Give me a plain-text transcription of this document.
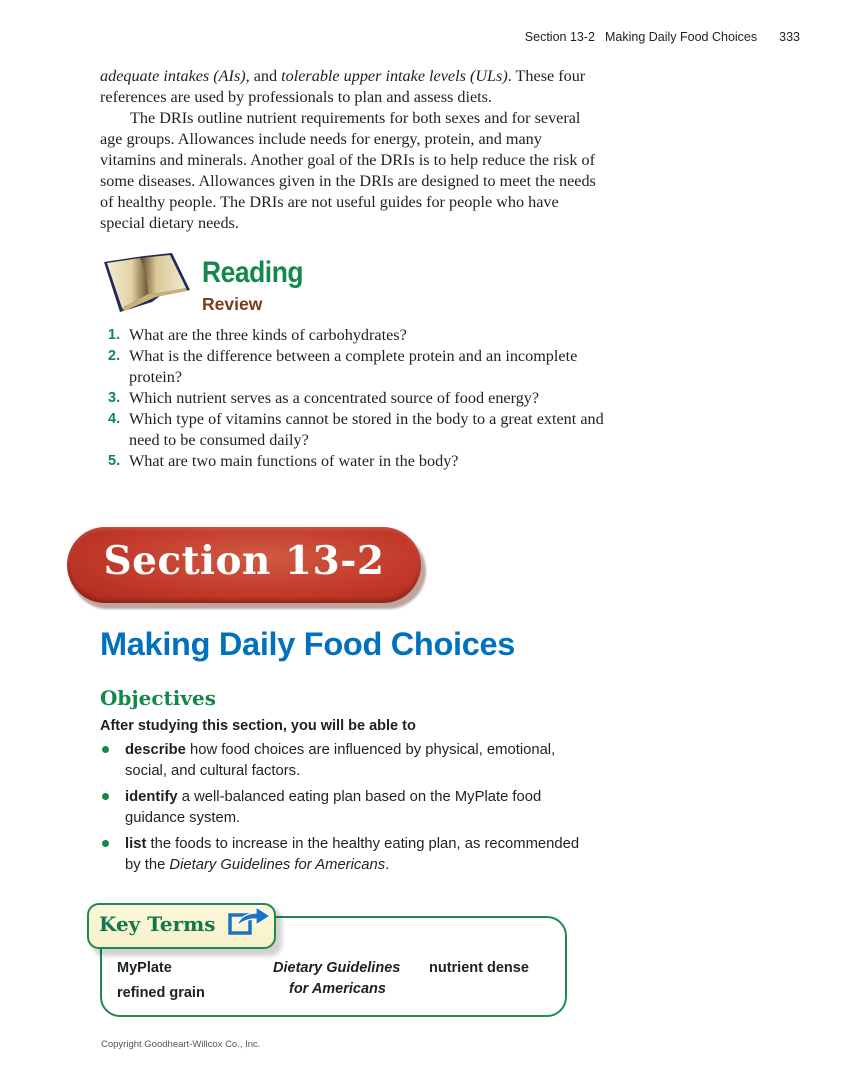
Section 13-2 Making Daily Food Choices 333
adequate intakes (AIs), and tolerable upper intake levels (ULs). These four references are used by professionals to plan and assess diets.
The DRIs outline nutrient requirements for both sexes and for several age groups. Allowances include needs for energy, protein, and many vitamins and minerals. Another goal of the DRIs is to help reduce the risk of some diseases. Allowances given in the DRIs are designed to meet the needs of healthy people. The DRIs are not useful guides for people who have special dietary needs.
Reading
Review
1. What are the three kinds of carbohydrates?
2. What is the difference between a complete protein and an incomplete protein?
3. Which nutrient serves as a concentrated source of food energy?
4. Which type of vitamins cannot be stored in the body to a great extent and need to be consumed daily?
5. What are two main functions of water in the body?
Section 13-2
Making Daily Food Choices
Objectives
After studying this section, you will be able to
describe how food choices are influenced by physical, emotional, social, and cultural factors.
identify a well-balanced eating plan based on the MyPlate food guidance system.
list the foods to increase in the healthy eating plan, as recommended by the Dietary Guidelines for Americans.
Key Terms
MyPlate
refined grain
Dietary Guidelines
for Americans
nutrient dense
Copyright Goodheart-Willcox Co., Inc.
